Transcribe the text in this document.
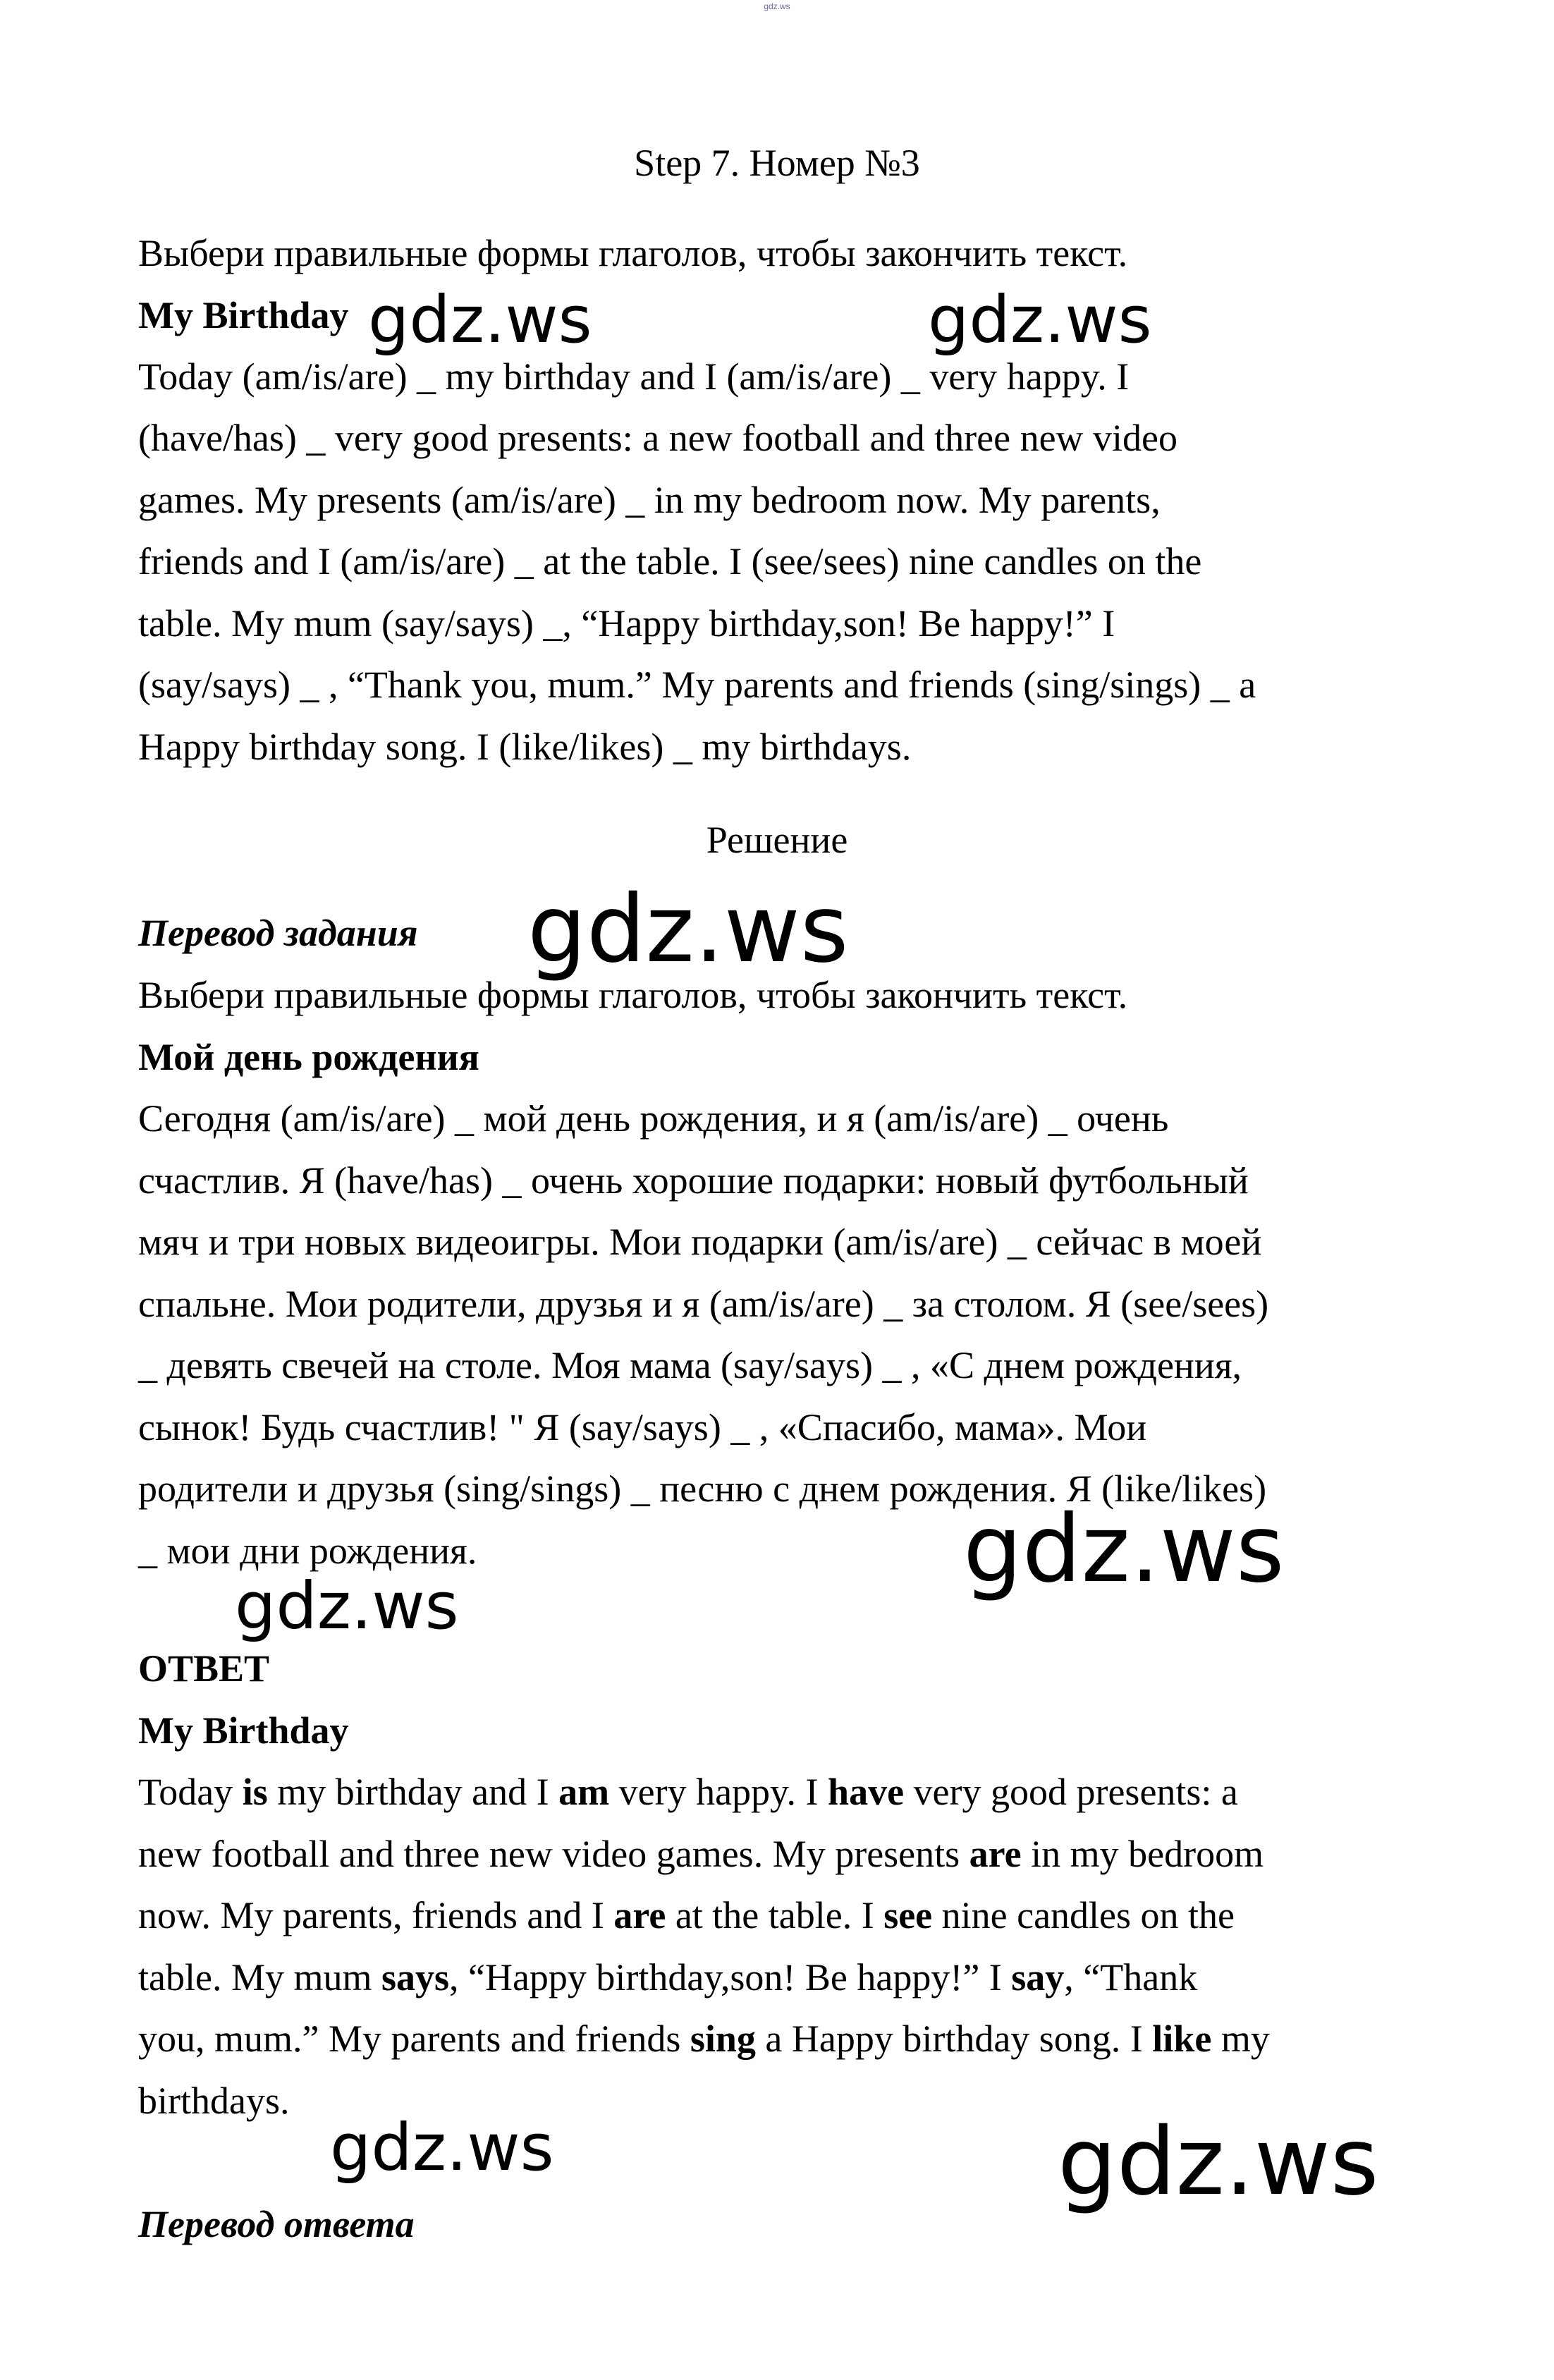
gdz.ws
Step 7. Номер №3
Выбери правильные формы глаголов, чтобы закончить текст.
My Birthday
Today (am/is/are) _ my birthday and I (am/is/are) _ very happy. I
(have/has) _ very good presents: a new football and three new video
games. My presents (am/is/are) _ in my bedroom now. My parents,
friends and I (am/is/are) _ at the table. I (see/sees) nine candles on the
table. My mum (say/says) _, “Happy birthday,son! Be happy!” I
(say/says) _ , “Thank you, mum.” My parents and friends (sing/sings) _ a
Happy birthday song. I (like/likes) _ my birthdays.
Решение
Перевод задания
Выбери правильные формы глаголов, чтобы закончить текст.
Мой день рождения
Сегодня (am/is/are) _ мой день рождения, и я (am/is/are) _ очень
счастлив. Я (have/has) _ очень хорошие подарки: новый футбольный
мяч и три новых видеоигры. Мои подарки (am/is/are) _ сейчас в моей
спальне. Мои родители, друзья и я (am/is/are) _ за столом. Я (see/sees)
_ девять свечей на столе. Моя мама (say/says) _ , «С днем рождения,
сынок! Будь счастлив! " Я (say/says) _ , «Спасибо, мама». Мои
родители и друзья (sing/sings) _ песню с днем рождения. Я (like/likes)
_ мои дни рождения.
ОТВЕТ
My Birthday
Today is my birthday and I am very happy. I have very good presents: a
new football and three new video games. My presents are in my bedroom
now. My parents, friends and I are at the table. I see nine candles on the
table. My mum says, “Happy birthday,son! Be happy!” I say, “Thank
you, mum.” My parents and friends sing a Happy birthday song. I like my
birthdays.
Перевод ответа
gdz.ws	gdz.ws
gdz.ws
gdz.ws
gdz.ws
gdz.ws	gdz.ws
